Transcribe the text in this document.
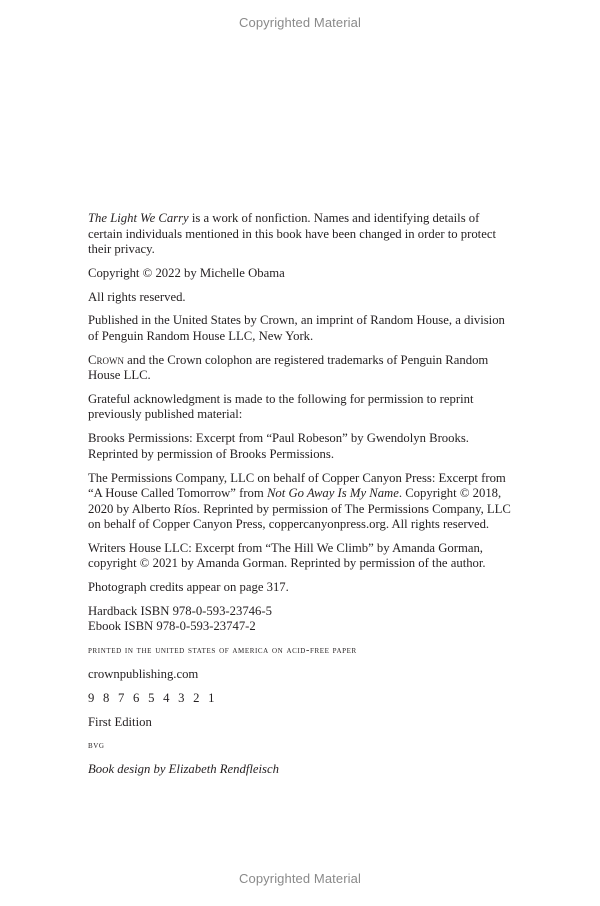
Copyrighted Material

The Light We Carry is a work of nonfiction. Names and identifying details of certain individuals mentioned in this book have been changed in order to protect their privacy.

Copyright © 2022 by Michelle Obama

All rights reserved.

Published in the United States by Crown, an imprint of Random House, a division of Penguin Random House LLC, New York.

Crown and the Crown colophon are registered trademarks of Penguin Random House LLC.

Grateful acknowledgment is made to the following for permission to reprint previously published material:

Brooks Permissions: Excerpt from “Paul Robeson” by Gwendolyn Brooks. Reprinted by permission of Brooks Permissions.

The Permissions Company, LLC on behalf of Copper Canyon Press: Excerpt from “A House Called Tomorrow” from Not Go Away Is My Name. Copyright © 2018, 2020 by Alberto Ríos. Reprinted by permission of The Permissions Company, LLC on behalf of Copper Canyon Press, coppercanyonpress.org. All rights reserved.

Writers House LLC: Excerpt from “The Hill We Climb” by Amanda Gorman, copyright © 2021 by Amanda Gorman. Reprinted by permission of the author.

Photograph credits appear on page 317.

Hardback ISBN 978-0-593-23746-5
Ebook ISBN 978-0-593-23747-2

printed in the united states of america on acid-free paper

crownpublishing.com

9 8 7 6 5 4 3 2 1

First Edition

bvg

Book design by Elizabeth Rendfleisch

Copyrighted Material
